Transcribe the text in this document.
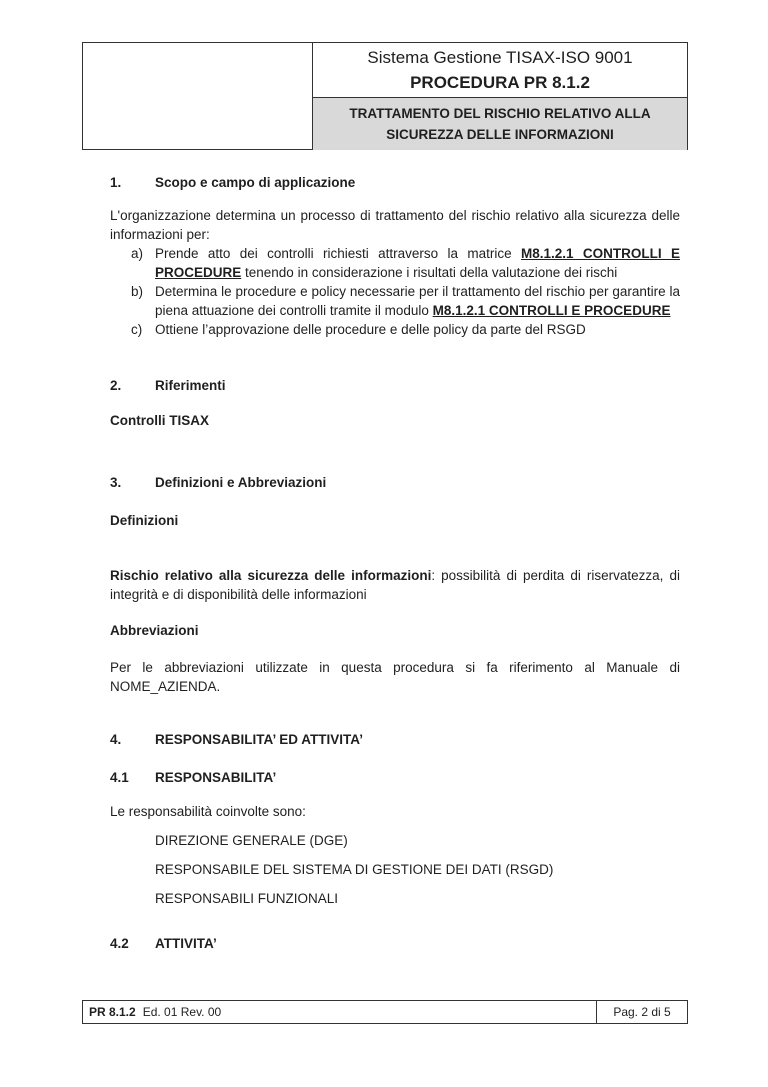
Sistema Gestione TISAX-ISO 9001
PROCEDURA PR 8.1.2
TRATTAMENTO DEL RISCHIO RELATIVO ALLA SICUREZZA DELLE INFORMAZIONI
1.	Scopo e campo di applicazione

L'organizzazione determina un processo di trattamento del rischio relativo alla sicurezza delle informazioni per:

a) Prende atto dei controlli richiesti attraverso la matrice M8.1.2.1 CONTROLLI E PROCEDURE tenendo in considerazione i risultati della valutazione dei rischi
b) Determina le procedure e policy necessarie per il trattamento del rischio per garantire la piena attuazione dei controlli tramite il modulo M8.1.2.1 CONTROLLI E PROCEDURE
c) Ottiene l’approvazione delle procedure e delle policy da parte del RSGD
2.	Riferimenti

Controlli TISAX

3.	Definizioni e Abbreviazioni

Definizioni

Rischio relativo alla sicurezza delle informazioni: possibilità di perdita di riservatezza, di integrità e di disponibilità delle informazioni

Abbreviazioni

Per le abbreviazioni utilizzate in questa procedura si fa riferimento al Manuale di NOME_AZIENDA.

4.	RESPONSABILITA’ ED ATTIVITA’
4.1	RESPONSABILITA’

Le responsabilità coinvolte sono:

DIREZIONE GENERALE (DGE)
RESPONSABILE DEL SISTEMA DI GESTIONE DEI DATI (RSGD)
RESPONSABILI FUNZIONALI
4.2	ATTIVITA’
PR 8.1.2 Ed. 01 Rev. 00	Pag. 2 di 5
